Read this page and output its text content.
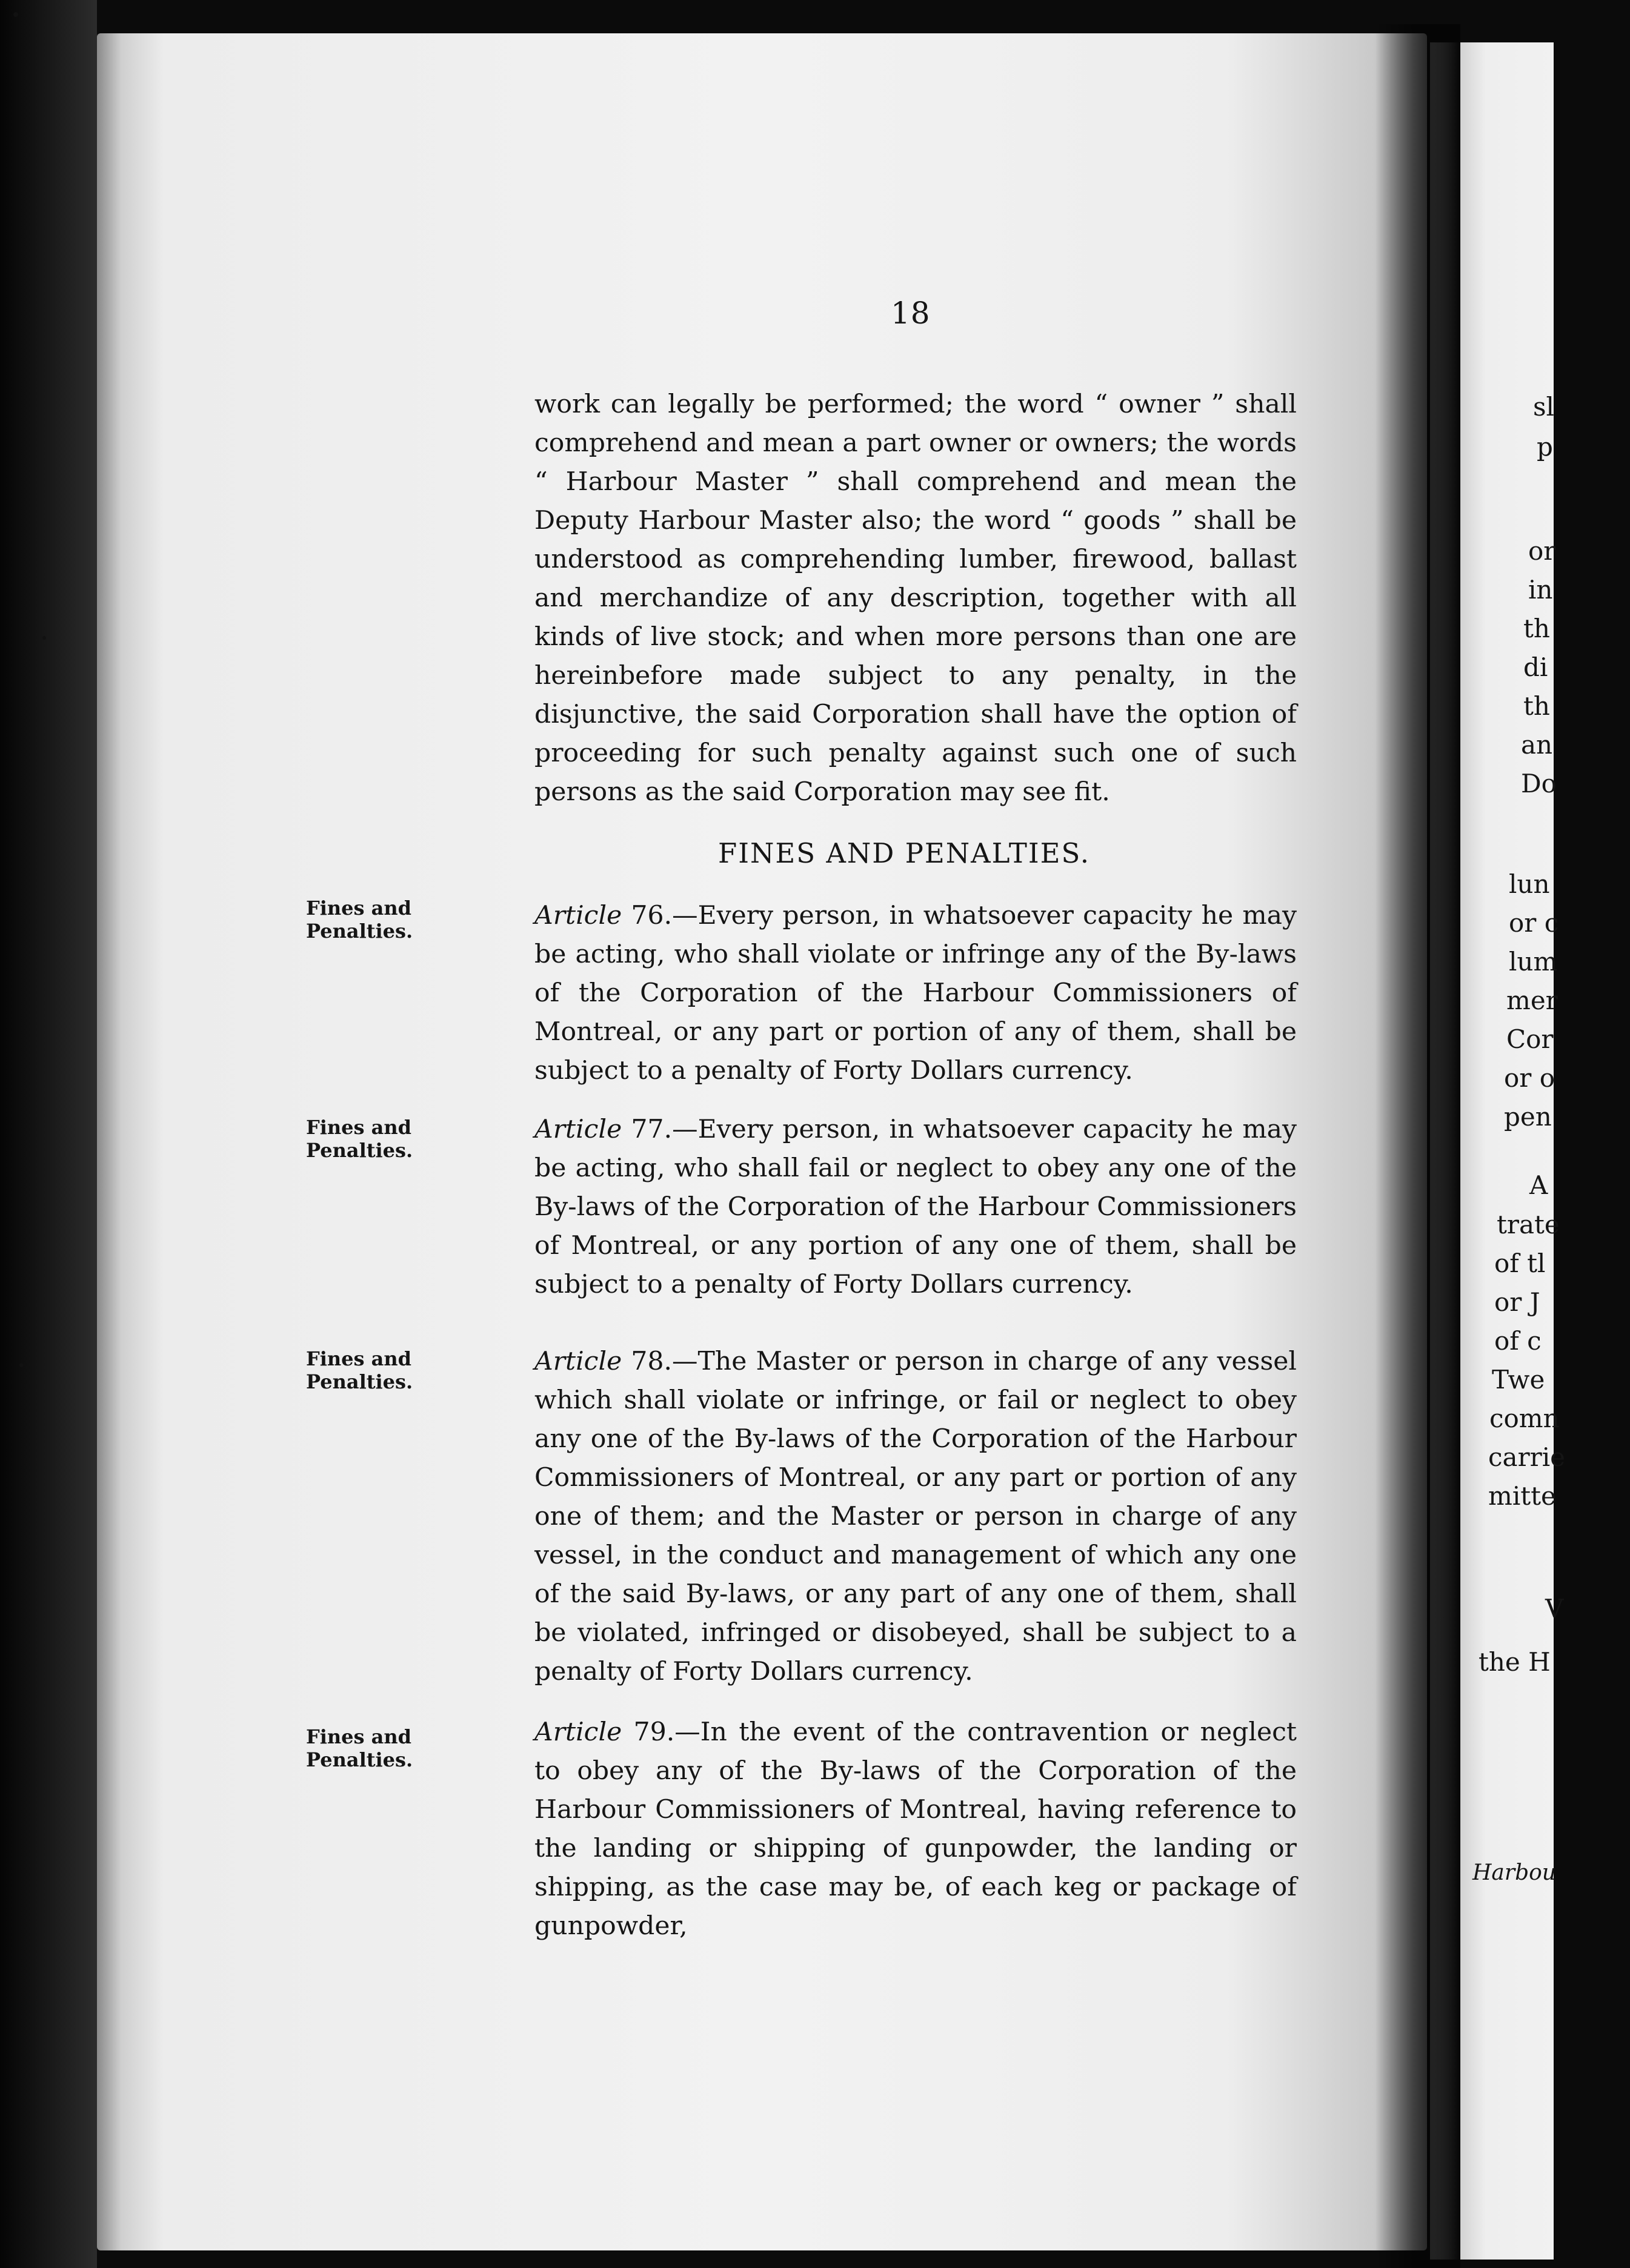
18

work can legally be performed; the word “ owner ” shall comprehend and mean a part owner or owners; the words “ Harbour Master ” shall comprehend and mean the Deputy Harbour Master also; the word “ goods ” shall be understood as comprehending lumber, firewood, ballast and merchandize of any description, together with all kinds of live stock; and when more persons than one are hereinbefore made subject to any penalty, in the disjunctive, the said Corporation shall have the option of proceeding for such penalty against such one of such persons as the said Corporation may see fit.

FINES AND PENALTIES.

Fines and Penalties.

Article 76.—Every person, in whatsoever capacity he may be acting, who shall violate or infringe any of the By-laws of the Corporation of the Harbour Commissioners of Montreal, or any part or portion of any of them, shall be subject to a penalty of Forty Dollars currency.

Fines and Penalties.

Article 77.—Every person, in whatsoever capacity he may be acting, who shall fail or neglect to obey any one of the By-laws of the Corporation of the Harbour Commissioners of Montreal, or any portion of any one of them, shall be subject to a penalty of Forty Dollars currency.

Fines and Penalties.

Article 78.—The Master or person in charge of any vessel which shall violate or infringe, or fail or neglect to obey any one of the By-laws of the Corporation of the Harbour Commissioners of Montreal, or any part or portion of any one of them; and the Master or person in charge of any vessel, in the conduct and management of which any one of the said By-laws, or any part of any one of them, shall be violated, infringed or disobeyed, shall be subject to a penalty of Forty Dollars currency.

Fines and Penalties.

Article 79.—In the event of the contravention or neglect to obey any of the By-laws of the Corporation of the Harbour Commissioners of Montreal, having reference to the landing or shipping of gunpowder, the landing or shipping, as the case may be, of each keg or package of gunpowder,

sl

p

or

in

th

di

th

an

Do

lun

or c

lum

mer

Cor

or o

pen

A

trate

of tl

or J

of c

Twe

comn

carrie

mitte

V

the H

Harbou
